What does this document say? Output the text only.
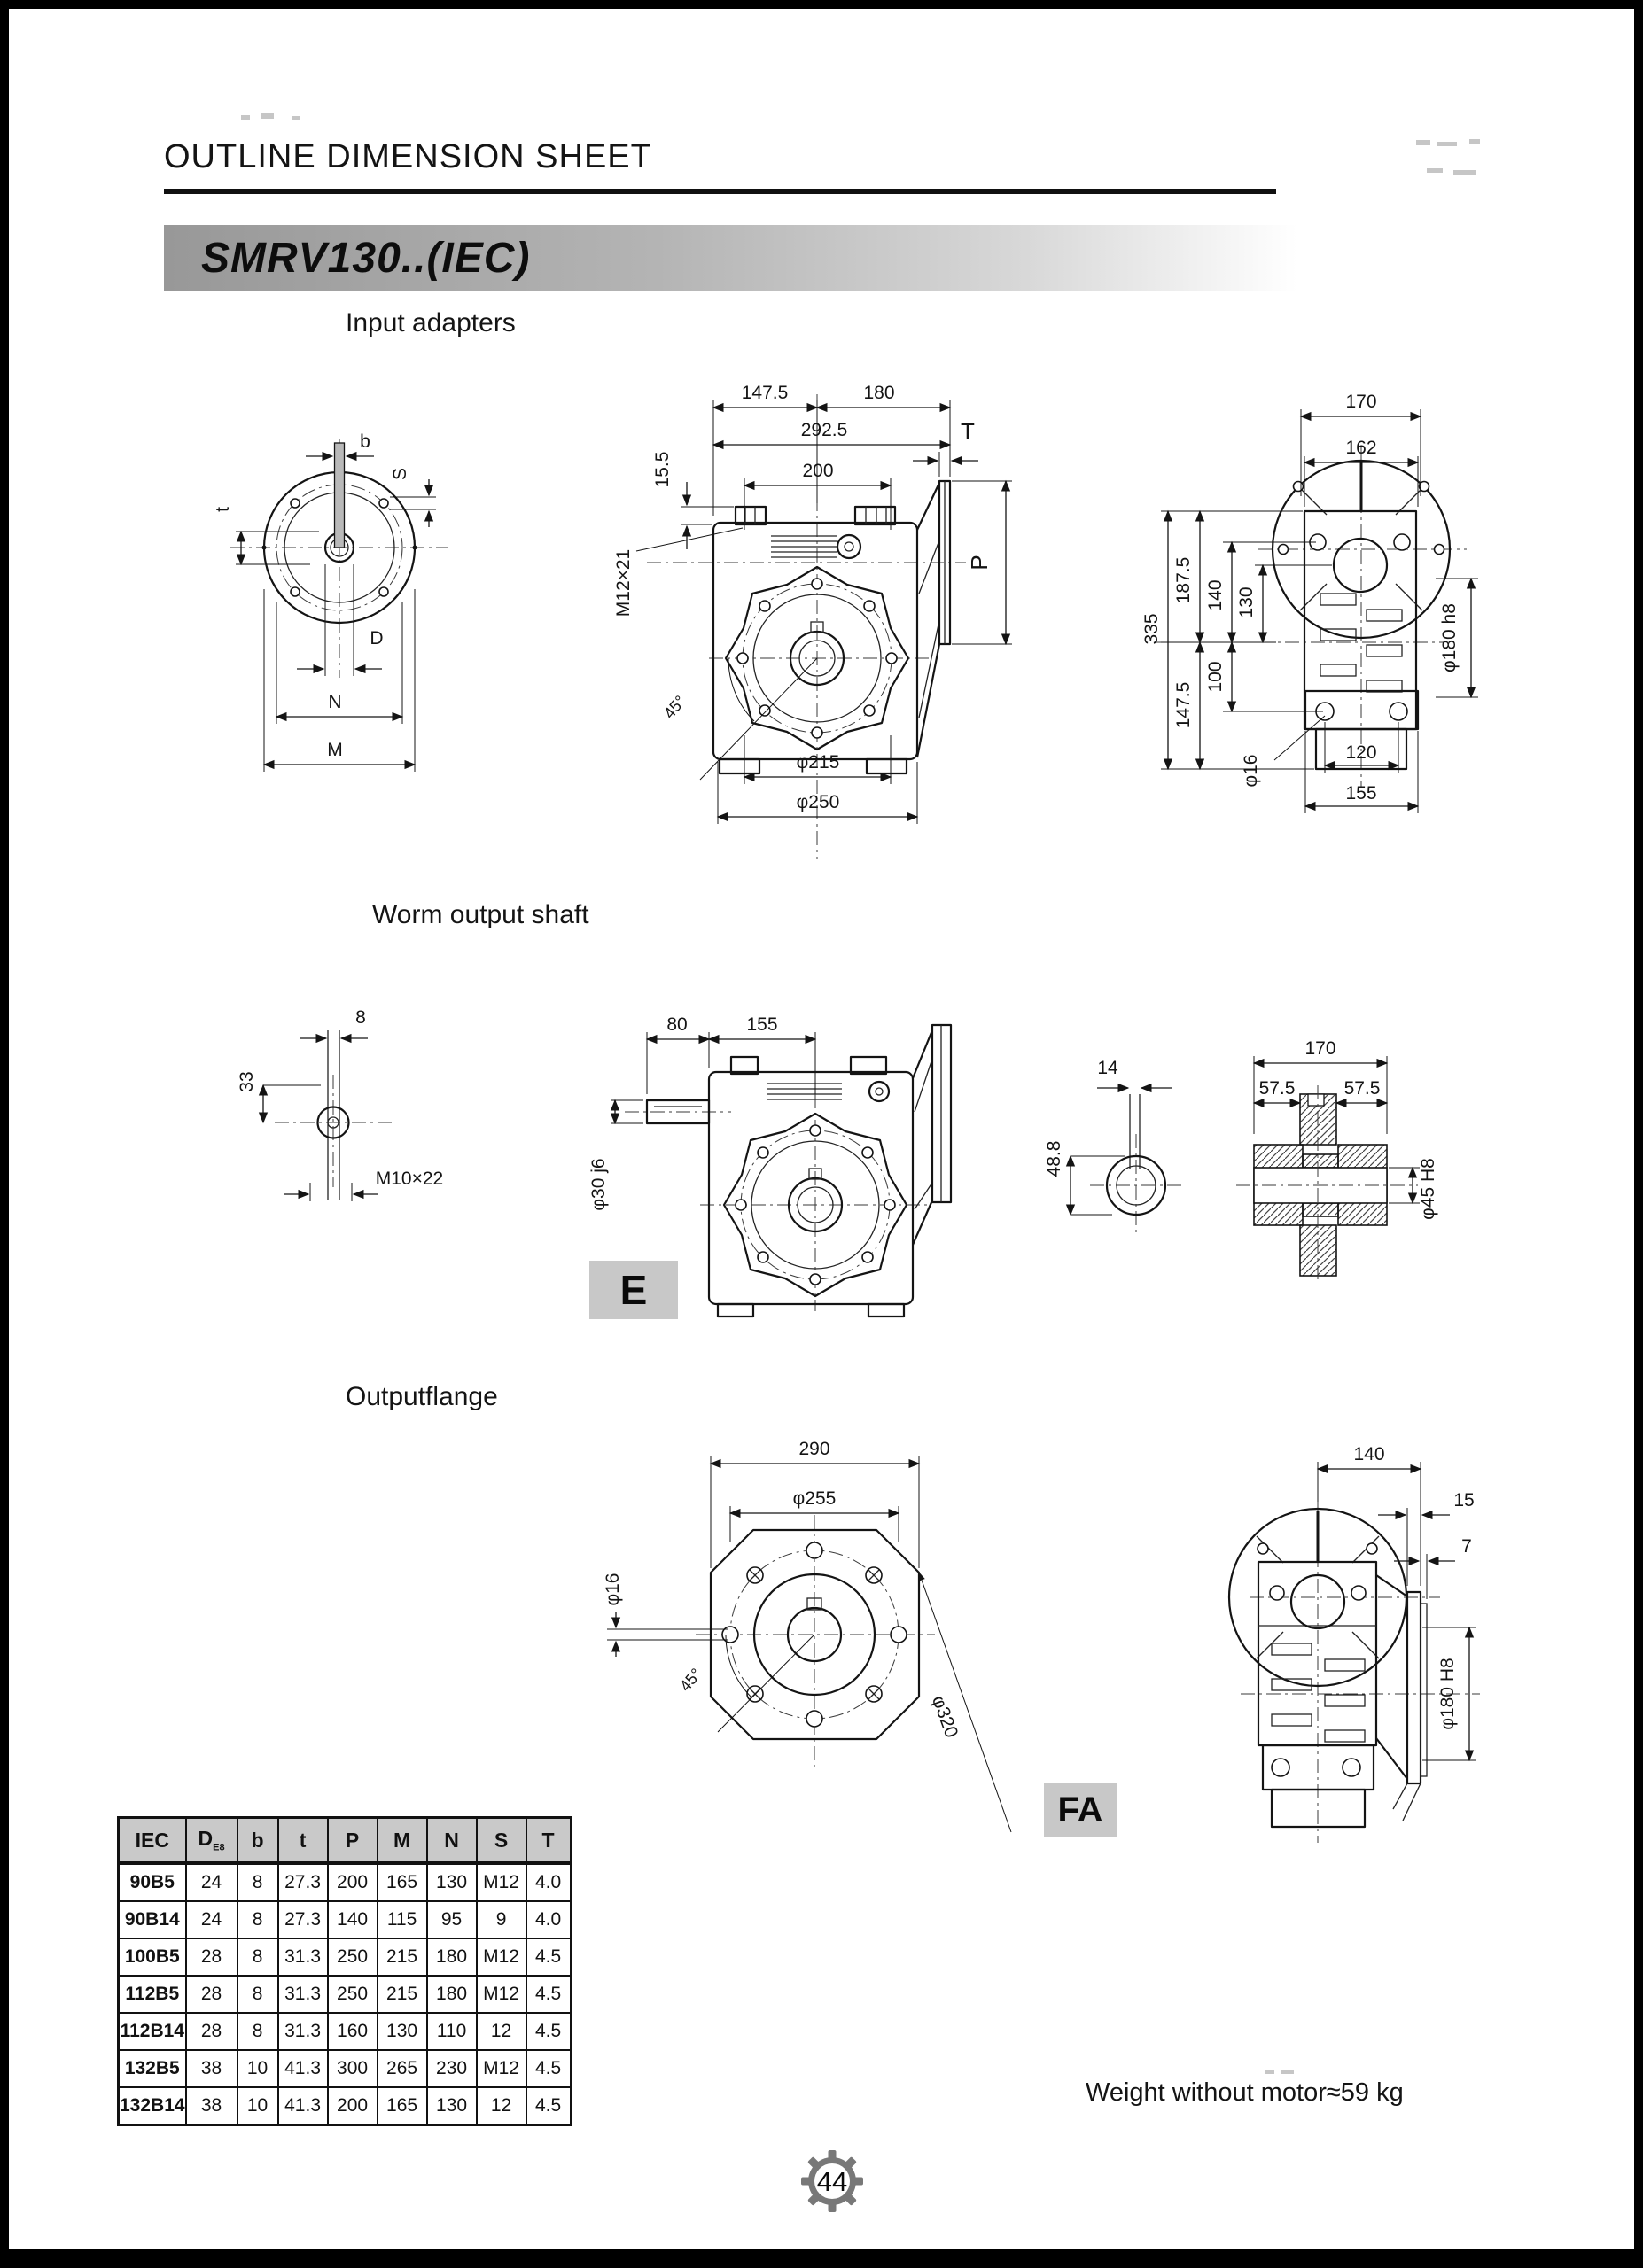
OUTLINE DIMENSION SHEET
SMRV130..(IEC)
Input adapters
Worm output shaft
Outputflange
b
S
t
D
N
M
147.5	180
292.5
200
15.5
M12×21
T
P
φ215
φ250
45°
170
162
335
187.5 140 130
147.5
100
φ180 h8
φ16
120
155
8
33
M10×22
80	155
φ30 j6
E
14
48.8
170
57.5	57.5
φ45 H8
290
φ255
φ16
45°
φ320
140
15
7
φ180 H8
FA
IEC	$D_{E8}$	b	t	P	M	N	S	T
90B5	24	8	27.3	200	165	130	M12	4.0
90B14	24	8	27.3	140	115	95	9	4.0
100B5	28	8	31.3	250	215	180	M12	4.5
112B5	28	8	31.3	250	215	180	M12	4.5
112B14	28	8	31.3	160	130	110	12	4.5
132B5	38	10	41.3	300	265	230	M12	4.5
132B14	38	10	41.3	200	165	130	12	4.5	Weight without motor≈59 kg
44
